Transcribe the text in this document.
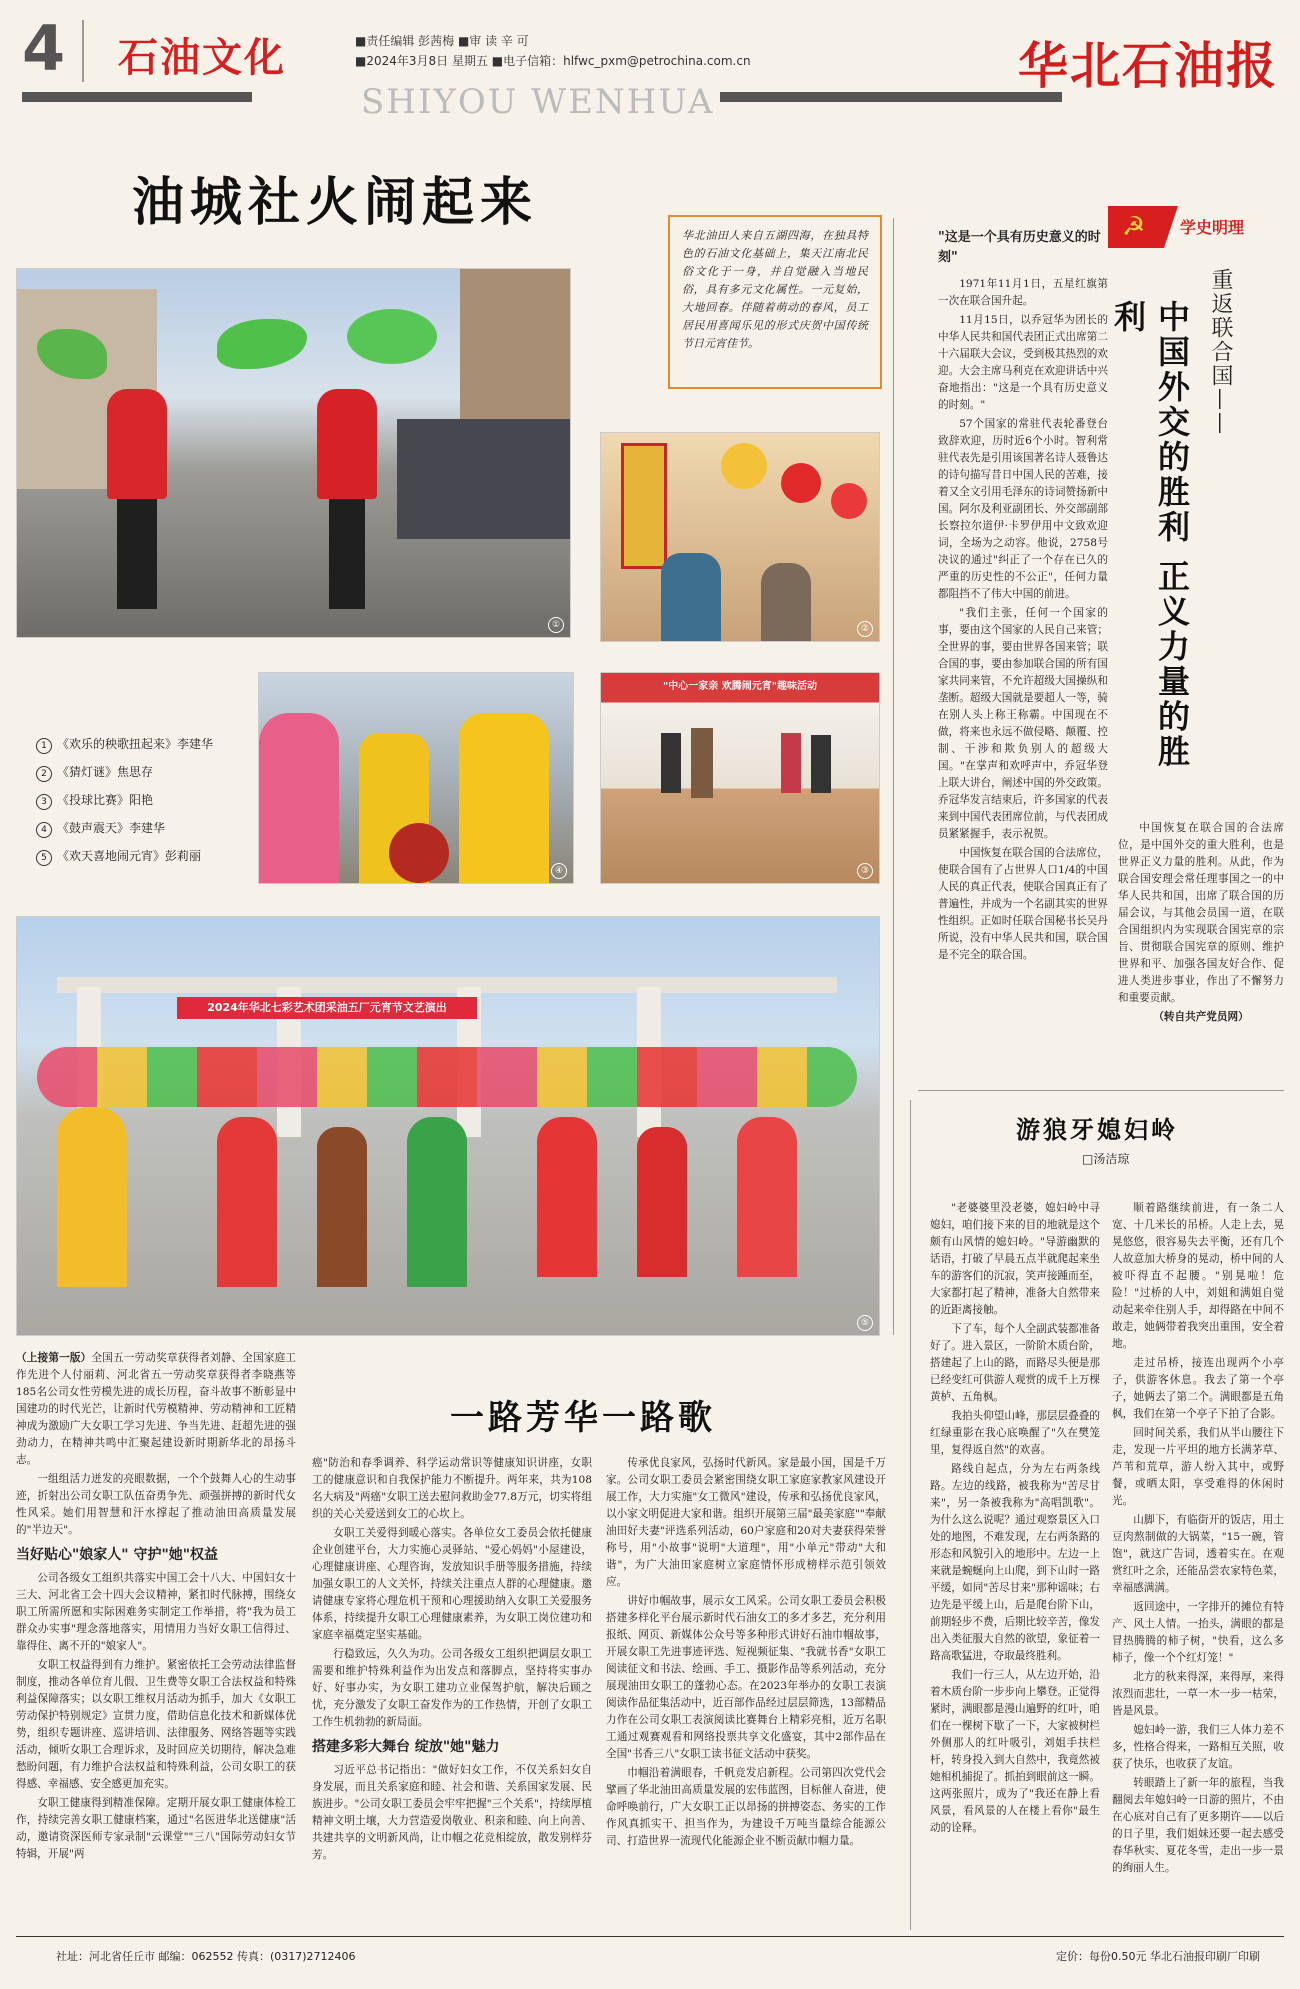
4 石油文化	■责任编辑 彭茜梅 ■审 读 辛 可
■2024年3月8日 星期五 ■电子信箱：hlfwc_pxm@petrochina.com.cn
SHIYOU WENHUA
华北石油报
油城社火闹起来
华北油田人来自五湖四海，在独具特色的石油文化基础上，集天江南北民俗文化于一身，并自觉融入当地民俗，具有多元文化属性。一元复始，大地回春。伴随着萌动的春风，员工居民用喜闻乐见的形式庆贺中国传统节日元宵佳节。
①	②
1 《欢乐的秧歌扭起来》李建华
2 《猜灯谜》焦思存
3 《投球比赛》阳艳
4 《鼓声震天》李建华
5 《欢天喜地闹元宵》彭莉丽
④
"中心一家亲 欢腾闹元宵"趣味活动
③
2024年华北七彩艺术团采油五厂元宵节文艺演出
⑤
☭ 学史明理
重返联合国——
中国外交的胜利 正义力量的胜利
"这是一个具有历史意义的时刻"

1971年11月1日，五星红旗第一次在联合国升起。

11月15日，以乔冠华为团长的中华人民共和国代表团正式出席第二十六届联大会议，受到极其热烈的欢迎。大会主席马利克在欢迎讲话中兴奋地指出："这是一个具有历史意义的时刻。"

57个国家的常驻代表轮番登台致辞欢迎，历时近6个小时。智利常驻代表先是引用该国著名诗人聂鲁达的诗句描写昔日中国人民的苦难，接着又全文引用毛泽东的诗词赞扬新中国。阿尔及利亚副团长、外交部副部长察拉尔道伊·卡罗伊用中文致欢迎词，全场为之动容。他说，2758号决议的通过"纠正了一个存在已久的严重的历史性的不公正"，任何力量都阻挡不了伟大中国的前进。

"我们主张，任何一个国家的事，要由这个国家的人民自己来管；全世界的事，要由世界各国来管；联合国的事，要由参加联合国的所有国家共同来管，不允许超级大国操纵和垄断。超级大国就是要超人一等，骑在别人头上称王称霸。中国现在不做，将来也永远不做侵略、颠覆、控制、干涉和欺负别人的超级大国。"在掌声和欢呼声中，乔冠华登上联大讲台，阐述中国的外交政策。乔冠华发言结束后，许多国家的代表来到中国代表团席位前，与代表团成员紧紧握手，表示祝贺。

中国恢复在联合国的合法席位，使联合国有了占世界人口1/4的中国人民的真正代表，使联合国真正有了普遍性，并成为一个名副其实的世界性组织。正如时任联合国秘书长吴丹所说，没有中华人民共和国，联合国是不完全的联合国。

中国恢复在联合国的合法席位，是中国外交的重大胜利，也是世界正义力量的胜利。从此，作为联合国安理会常任理事国之一的中华人民共和国，出席了联合国的历届会议，与其他会员国一道，在联合国组织内为实现联合国宪章的宗旨、贯彻联合国宪章的原则、维护世界和平、加强各国友好合作、促进人类进步事业，作出了不懈努力和重要贡献。

（转自共产党员网）

游狼牙媳妇岭
□汤洁琼

"老婆婆里没老婆，媳妇岭中寻媳妇，咱们接下来的目的地就是这个颇有山风情的媳妇岭。"导游幽默的话语，打破了早晨五点半就爬起来坐车的游客们的沉寂，笑声接踵而至，大家都打起了精神，准备大自然带来的近距离接触。

下了车，每个人全副武装都准备好了。进入景区，一阶阶木质台阶，搭建起了上山的路，而路尽头便是那已经变红可供游人观赏的成千上万棵黄栌、五角枫。

我拍头仰望山峰，那层层叠叠的红绿重影在我心底唤醒了"久在樊笼里，复得返自然"的欢喜。

路线自起点，分为左右两条线路。左边的线路，被我称为"苦尽甘来"，另一条被我称为"高唱凯歌"。为什么这么说呢？通过观察景区入口处的地图，不难发现，左右两条路的形态和风貌引入的地形中。左边一上来就是蜿蜒向上山爬，到下山时一路平缓，如同"苦尽甘来"那种谣味；右边先是平缓上山，后是爬台阶下山，前期轻步不费，后期比较辛苦，像发出入类征服大自然的欲望，象征着一路高歌猛进，夺取最终胜利。

我们一行三人，从左边开始，沿着木质台阶一步步向上攀登。正觉得紧时，满眼都是漫山遍野的红叶，咱们在一棵树下歇了一下，大家被树栏外侧那人的红叶吸引，刘姐手扶栏杆，转身投入到大自然中，我竟然被她相机捕捉了。抓拍到眼前这一瞬。这两张照片，成为了"我还在静上看风景，看风景的人在楼上看你"最生动的诠释。

顺着路继续前进，有一条二人宽、十几米长的吊桥。人走上去，晃晃悠悠，很容易失去平衡，还有几个人故意加大桥身的晃动，桥中间的人被吓得直不起腰。"别晃啦！危险！"过桥的人中，刘姐和满姐自觉动起来牵住别人手，却得路在中间不敢走，她俩带着我突出重围，安全着地。

走过吊桥，接连出现两个小亭子，供游客休息。我去了第一个亭子，她俩去了第二个。满眼都是五角枫，我们在第一个亭子下拍了合影。

回时间关系，我们从半山腰往下走，发现一片平坦的地方长满茅草、芦苇和荒草，游人纷入其中，或野餐，或晒太阳，享受难得的休闲时光。

山脚下，有临街开的饭店，用土豆肉熬制做的大锅菜，"15一碗，管饱"，就这广告词，透着实在。在观赏红叶之余，还能品尝农家特色菜，幸福感满满。

返回途中，一字排开的摊位有特产、风土人情。一抬头，满眼的都是冒热腾腾的柿子树，"快看，这么多柿子，像一个个红灯笼！"

北方的秋来得深，来得厚，来得浓烈而悲壮，一草一木一步一枯荣，皆是风景。

媳妇岭一游，我们三人体力差不多，性格合得来，一路相互关照，收获了快乐，也收获了友谊。

转眼踏上了新一年的旅程，当我翻阅去年媳妇岭一日游的照片，不由在心底对自己有了更多期许——以后的日子里，我们姐妹还要一起去感受春华秋实、夏花冬雪，走出一步一景的绚丽人生。

一路芳华一路歌

（上接第一版）全国五一劳动奖章获得者刘静、全国家庭工作先进个人付丽莉、河北省五一劳动奖章获得者李晓燕等185名公司女性劳模先进的成长历程，奋斗故事不断彰显中国建功的时代光芒，让新时代劳模精神、劳动精神和工匠精神成为激励广大女职工学习先进、争当先进、赶超先进的强劲动力，在精神共鸣中汇聚起建设新时期新华北的昂扬斗志。

一组组活力迸发的亮眼数据，一个个鼓舞人心的生动事迹，折射出公司女职工队伍奋勇争先、顽强拼搏的新时代女性风采。她们用智慧和汗水撑起了推动油田高质量发展的"半边天"。

当好贴心"娘家人" 守护"她"权益

公司各级女工组织共落实中国工会十八大、中国妇女十三大、河北省工会十四大会议精神，紧扣时代脉搏，围绕女职工所需所愿和实际困难务实制定工作举措，将"我为员工群众办实事"理念落地落实，用情用力当好女职工信得过、靠得住、离不开的"娘家人"。

女职工权益得到有力维护。紧密依托工会劳动法律监督制度，推动各单位育儿假、卫生费等女职工合法权益和特殊利益保障落实；以女职工维权月活动为抓手，加大《女职工劳动保护特别规定》宣贯力度，借助信息化技术和新媒体优势，组织专题讲座、巡讲培训、法律服务、网络答题等实践活动，倾听女职工合理诉求，及时回应关切期待，解决急难愁盼问题，有力维护合法权益和特殊利益，公司女职工的获得感、幸福感、安全感更加充实。

女职工健康得到精准保障。定期开展女职工健康体检工作，持续完善女职工健康档案，通过"名医进华北送健康"活动，邀请资深医师专家录制"云课堂""三八"国际劳动妇女节特辑，开展"两

癌"防治和春季调养、科学运动常识等健康知识讲座，女职工的健康意识和自我保护能力不断提升。两年来，共为108名大病及"两癌"女职工送去慰问救助金77.8万元，切实将组织的关心关爱送到女工的心坎上。

女职工关爱得到暖心落实。各单位女工委员会依托健康企业创建平台，大力实施心灵驿站、"爱心妈妈"小屋建设，心理健康讲座、心理咨询，发放知识手册等服务措施，持续加强女职工的人文关怀，持续关注重点人群的心理健康。邀请健康专家将心理危机干预和心理援助纳入女职工关爱服务体系，持续提升女职工心理健康素养，为女职工岗位建功和家庭幸福奠定坚实基础。

行稳致远，久久为功。公司各级女工组织把调层女职工需要和维护特殊利益作为出发点和落脚点，坚持将实事办好、好事办实，为女职工建功立业保驾护航，解决后顾之忧，充分激发了女职工奋发作为的工作热情，开创了女职工工作生机勃勃的新局面。

搭建多彩大舞台 绽放"她"魅力

习近平总书记指出："做好妇女工作，不仅关系妇女自身发展，而且关系家庭和睦、社会和谐、关系国家发展、民族进步。"公司女职工委员会牢牢把握"三个关系"，持续厚植精神文明土壤，大力营造爱岗敬业、积亲和睦、向上向善、共建共享的文明新风尚，让巾帼之花竞相绽放，散发别样芬芳。

传承优良家风，弘扬时代新风。家是最小国，国是千万家。公司女职工委员会紧密围绕女职工家庭家教家风建设开展工作，大力实施"女工微风"建设，传承和弘扬优良家风，以小家文明促进大家和谐。组织开展第三届"最美家庭""奉献油田好夫妻"评选系列活动，60户家庭和20对夫妻获得荣誉称号，用"小故事"说明"大道理"，用"小单元"带动"大和谐"，为广大油田家庭树立家庭情怀形成榜样示范引领效应。

讲好巾帼故事，展示女工风采。公司女职工委员会积极搭建多样化平台展示新时代石油女工的多才多艺，充分利用报纸、网页、新媒体公众号等多种形式讲好石油巾帼故事，开展女职工先进事迹评选、短视频征集、"我就书香"女职工阅读征文和书法、绘画、手工、摄影作品等系列活动，充分展现油田女职工的蓬勃心态。在2023年举办的女职工表演阅读作品征集活动中，近百部作品经过层层筛选，13部精品力作在公司女职工表演阅读比赛舞台上精彩亮相，近万名职工通过观赛观看和网络投票共享文化盛宴，其中2部作品在全国"书香三八"女职工读书征文活动中获奖。

巾帼沿着满眼春，千帆竞发启新程。公司第四次党代会擘画了华北油田高质量发展的宏伟蓝图，目标催人奋进，使命呼唤前行，广大女职工正以昂扬的拼搏姿态、务实的工作作风真抓实干、担当作为，为建设千万吨当量综合能源公司、打造世界一流现代化能源企业不断贡献巾帼力量。

社址：河北省任丘市 邮编：062552 传真：(0317)2712406	定价：每份0.50元 华北石油报印刷厂印刷
